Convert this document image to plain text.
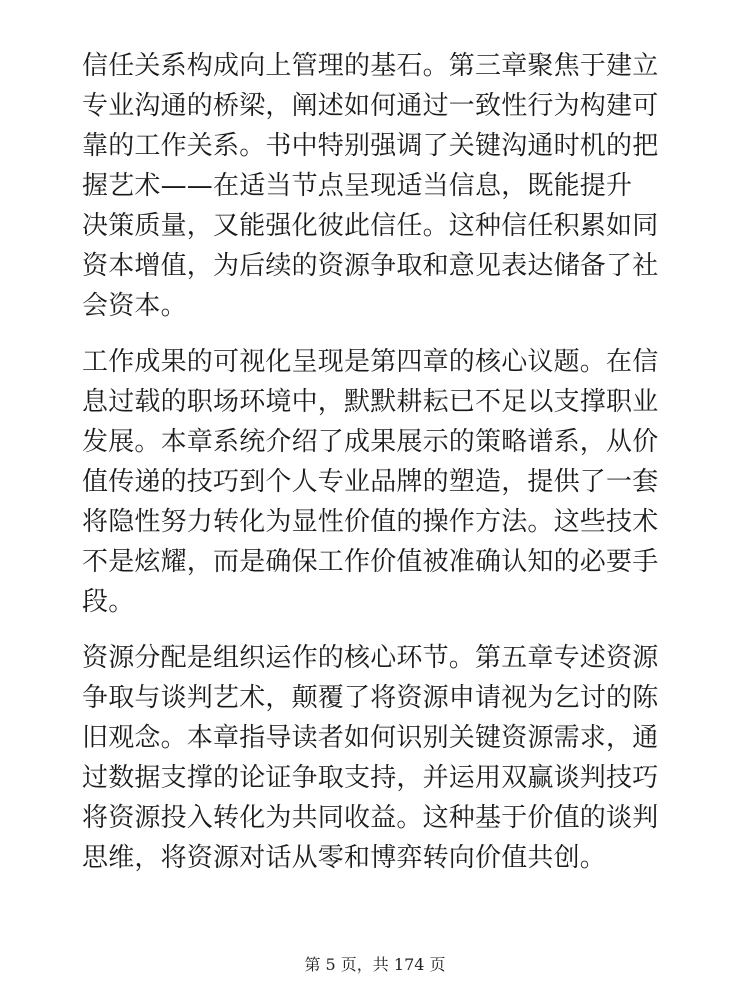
信任关系构成向上管理的基石。第三章聚焦于建立
专业沟通的桥梁，阐述如何通过一致性行为构建可
靠的工作关系。书中特别强调了关键沟通时机的把
握艺术——在适当节点呈现适当信息，既能提升
决策质量，又能强化彼此信任。这种信任积累如同
资本增值，为后续的资源争取和意见表达储备了社
会资本。
工作成果的可视化呈现是第四章的核心议题。在信
息过载的职场环境中，默默耕耘已不足以支撑职业
发展。本章系统介绍了成果展示的策略谱系，从价
值传递的技巧到个人专业品牌的塑造，提供了一套
将隐性努力转化为显性价值的操作方法。这些技术
不是炫耀，而是确保工作价值被准确认知的必要手
段。
资源分配是组织运作的核心环节。第五章专述资源
争取与谈判艺术，颠覆了将资源申请视为乞讨的陈
旧观念。本章指导读者如何识别关键资源需求，通
过数据支撑的论证争取支持，并运用双赢谈判技巧
将资源投入转化为共同收益。这种基于价值的谈判
思维，将资源对话从零和博弈转向价值共创。
第 5 页，共 174 页
